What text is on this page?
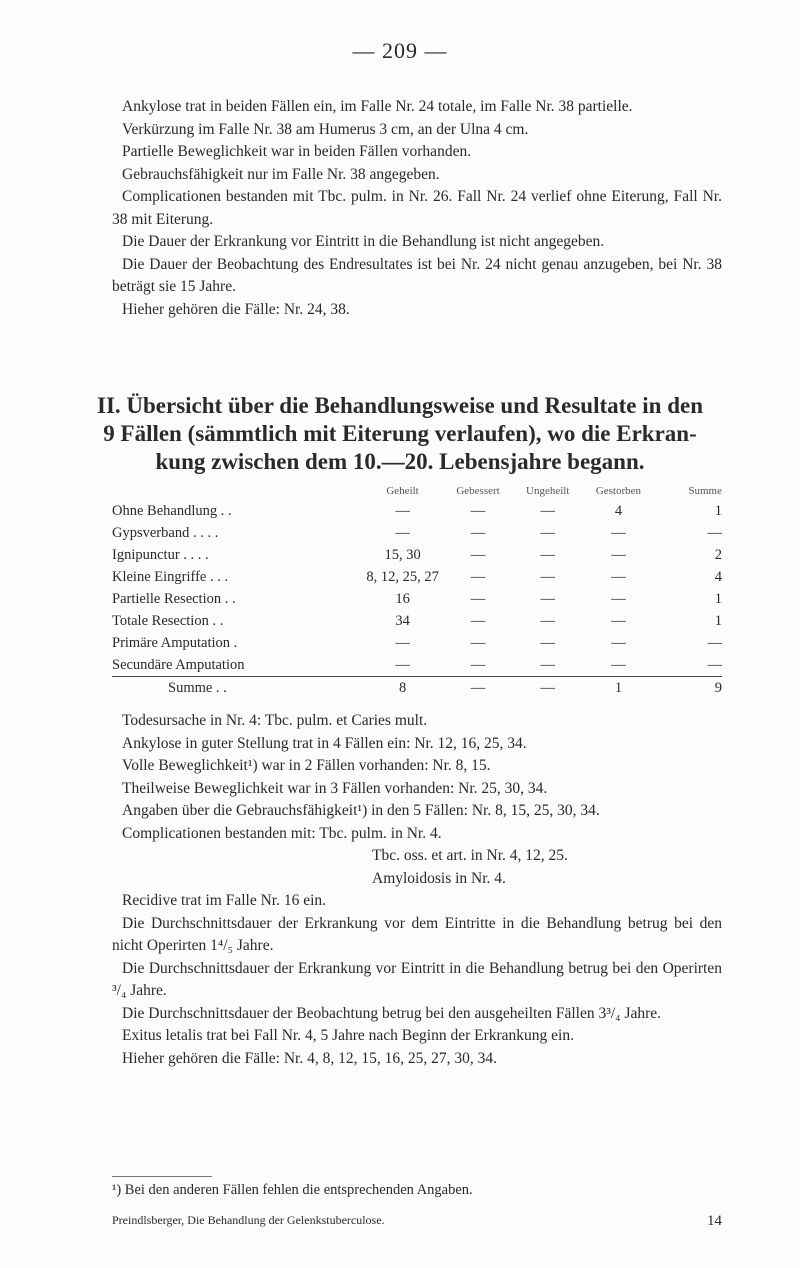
— 209 —

Ankylose trat in beiden Fällen ein, im Falle Nr. 24 totale, im Falle Nr. 38 partielle.

Verkürzung im Falle Nr. 38 am Humerus 3 cm, an der Ulna 4 cm.

Partielle Beweglichkeit war in beiden Fällen vorhanden.

Gebrauchsfähigkeit nur im Falle Nr. 38 angegeben.

Complicationen bestanden mit Tbc. pulm. in Nr. 26. Fall Nr. 24 verlief ohne Eiterung, Fall Nr. 38 mit Eiterung.

Die Dauer der Erkrankung vor Eintritt in die Behandlung ist nicht angegeben.

Die Dauer der Beobachtung des Endresultates ist bei Nr. 24 nicht genau anzugeben, bei Nr. 38 beträgt sie 15 Jahre.

Hieher gehören die Fälle: Nr. 24, 38.

II. Übersicht über die Behandlungsweise und Resultate in den
9 Fällen (sämmtlich mit Eiterung verlaufen), wo die Erkran-
kung zwischen dem 10.—20. Lebensjahre begann.
	Geheilt	Gebessert	Ungeheilt	Gestorben	Summe
Ohne Behandlung . .	—	—	—	4	1
Gypsverband . . . .	—	—	—	—	—
Ignipunctur . . . .	15, 30	—	—	—	2
Kleine Eingriffe . . .	8, 12, 25, 27	—	—	—	4
Partielle Resection . .	16	—	—	—	1
Totale Resection . .	34	—	—	—	1
Primäre Amputation .	—	—	—	—	—
Secundäre Amputation	—	—	—	—	—
Summe . .	8	—	—	1	9

Todesursache in Nr. 4: Tbc. pulm. et Caries mult.

Ankylose in guter Stellung trat in 4 Fällen ein: Nr. 12, 16, 25, 34.

Volle Beweglichkeit¹) war in 2 Fällen vorhanden: Nr. 8, 15.

Theilweise Beweglichkeit war in 3 Fällen vorhanden: Nr. 25, 30, 34.

Angaben über die Gebrauchsfähigkeit¹) in den 5 Fällen: Nr. 8, 15, 25, 30, 34.

Complicationen bestanden mit: Tbc. pulm. in Nr. 4.

Tbc. oss. et art. in Nr. 4, 12, 25.

Amyloidosis in Nr. 4.

Recidive trat im Falle Nr. 16 ein.

Die Durchschnittsdauer der Erkrankung vor dem Eintritte in die Behandlung betrug bei den nicht Operirten 1⁴/₅ Jahre.

Die Durchschnittsdauer der Erkrankung vor Eintritt in die Behandlung betrug bei den Operirten ³/₄ Jahre.

Die Durchschnittsdauer der Beobachtung betrug bei den ausgeheilten Fällen 3³/₄ Jahre.

Exitus letalis trat bei Fall Nr. 4, 5 Jahre nach Beginn der Erkrankung ein.

Hieher gehören die Fälle: Nr. 4, 8, 12, 15, 16, 25, 27, 30, 34.

¹) Bei den anderen Fällen fehlen die entsprechenden Angaben.
Preindlsberger, Die Behandlung der Gelenkstuberculose.	14
